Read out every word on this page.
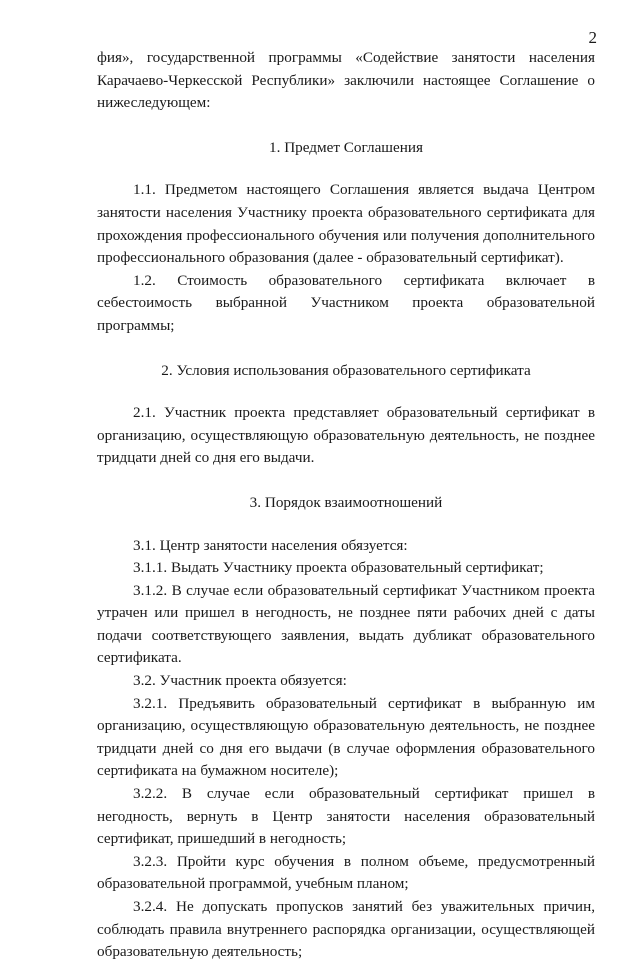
2

фия», государственной программы «Содействие занятости населения Карачаево-Черкесской Республики» заключили настоящее Соглашение о нижеследующем:

1. Предмет Соглашения

1.1. Предметом настоящего Соглашения является выдача Центром занятости населения Участнику проекта образовательного сертификата для прохождения профессионального обучения или получения дополнительного профессионального образования (далее - образовательный сертификат).

1.2. Стоимость образовательного сертификата включает в себестоимость выбранной Участником проекта образовательной программы;

2. Условия использования образовательного сертификата

2.1. Участник проекта представляет образовательный сертификат в организацию, осуществляющую образовательную деятельность, не позднее тридцати дней со дня его выдачи.

3. Порядок взаимоотношений

3.1. Центр занятости населения обязуется:

3.1.1. Выдать Участнику проекта образовательный сертификат;

3.1.2. В случае если образовательный сертификат Участником проекта утрачен или пришел в негодность, не позднее пяти рабочих дней с даты подачи соответствующего заявления, выдать дубликат образовательного сертификата.

3.2. Участник проекта обязуется:

3.2.1. Предъявить образовательный сертификат в выбранную им организацию, осуществляющую образовательную деятельность, не позднее тридцати дней со дня его выдачи (в случае оформления образовательного сертификата на бумажном носителе);

3.2.2. В случае если образовательный сертификат пришел в негодность, вернуть в Центр занятости населения образовательный сертификат, пришедший в негодность;

3.2.3. Пройти курс обучения в полном объеме, предусмотренный образовательной программой, учебным планом;

3.2.4. Не допускать пропусков занятий без уважительных причин, соблюдать правила внутреннего распорядка организации, осуществляющей образовательную деятельность;
